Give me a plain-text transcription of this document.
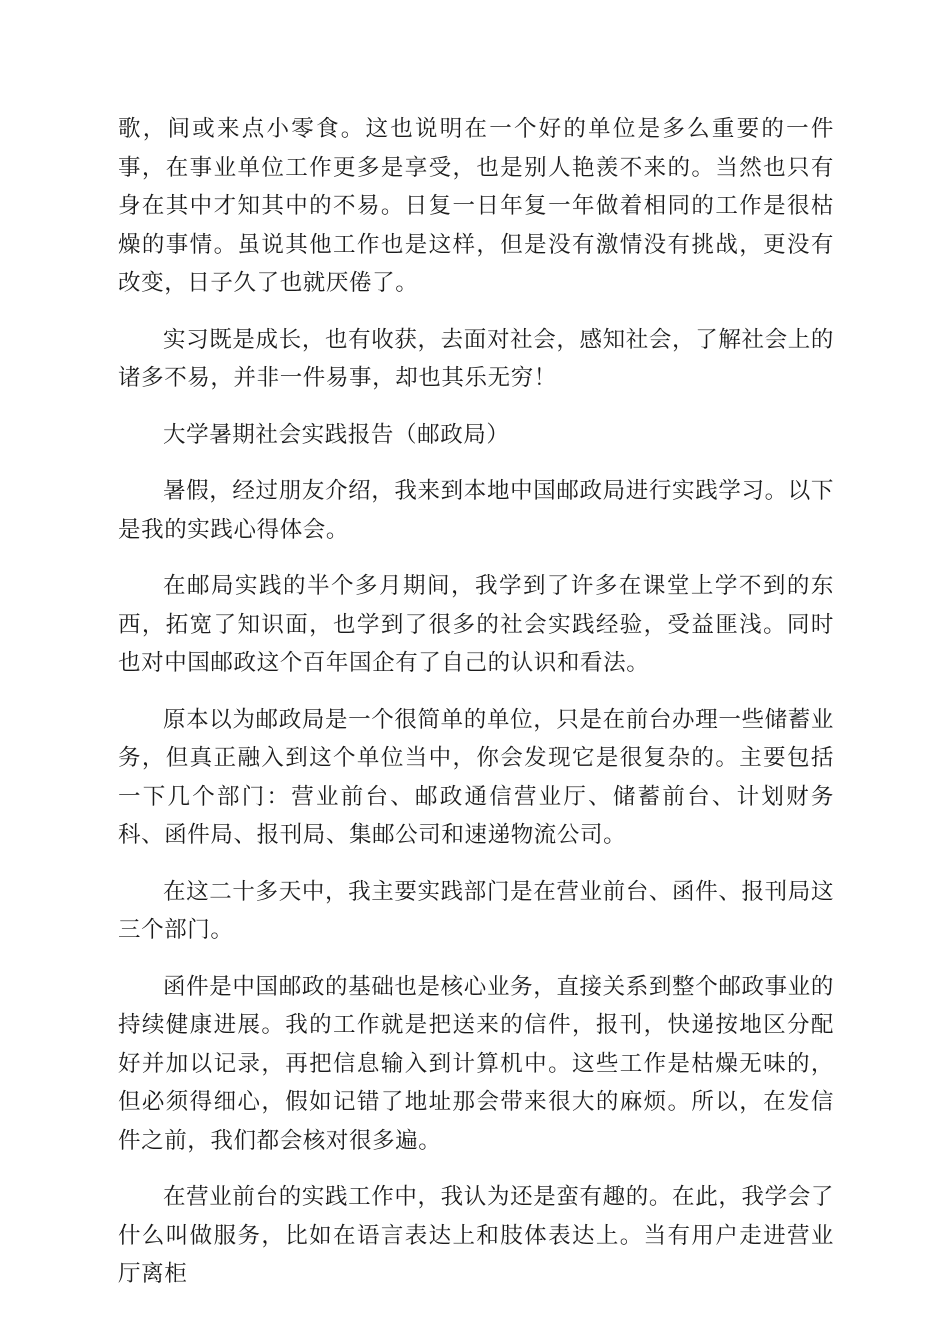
歌，间或来点小零食。这也说明在一个好的单位是多么重要的一件事，在事业单位工作更多是享受，也是别人艳羡不来的。当然也只有身在其中才知其中的不易。日复一日年复一年做着相同的工作是很枯燥的事情。虽说其他工作也是这样，但是没有激情没有挑战，更没有改变，日子久了也就厌倦了。

实习既是成长，也有收获，去面对社会，感知社会，了解社会上的诸多不易，并非一件易事，却也其乐无穷！

大学暑期社会实践报告（邮政局）

暑假，经过朋友介绍，我来到本地中国邮政局进行实践学习。以下是我的实践心得体会。

在邮局实践的半个多月期间，我学到了许多在课堂上学不到的东西，拓宽了知识面，也学到了很多的社会实践经验，受益匪浅。同时也对中国邮政这个百年国企有了自己的认识和看法。

原本以为邮政局是一个很简单的单位，只是在前台办理一些储蓄业务，但真正融入到这个单位当中，你会发现它是很复杂的。主要包括一下几个部门：营业前台、邮政通信营业厅、储蓄前台、计划财务科、函件局、报刊局、集邮公司和速递物流公司。

在这二十多天中，我主要实践部门是在营业前台、函件、报刊局这三个部门。

函件是中国邮政的基础也是核心业务，直接关系到整个邮政事业的持续健康进展。我的工作就是把送来的信件，报刊，快递按地区分配好并加以记录，再把信息输入到计算机中。这些工作是枯燥无味的，但必须得细心，假如记错了地址那会带来很大的麻烦。所以，在发信件之前，我们都会核对很多遍。

在营业前台的实践工作中，我认为还是蛮有趣的。在此，我学会了什么叫做服务，比如在语言表达上和肢体表达上。当有用户走进营业厅离柜
